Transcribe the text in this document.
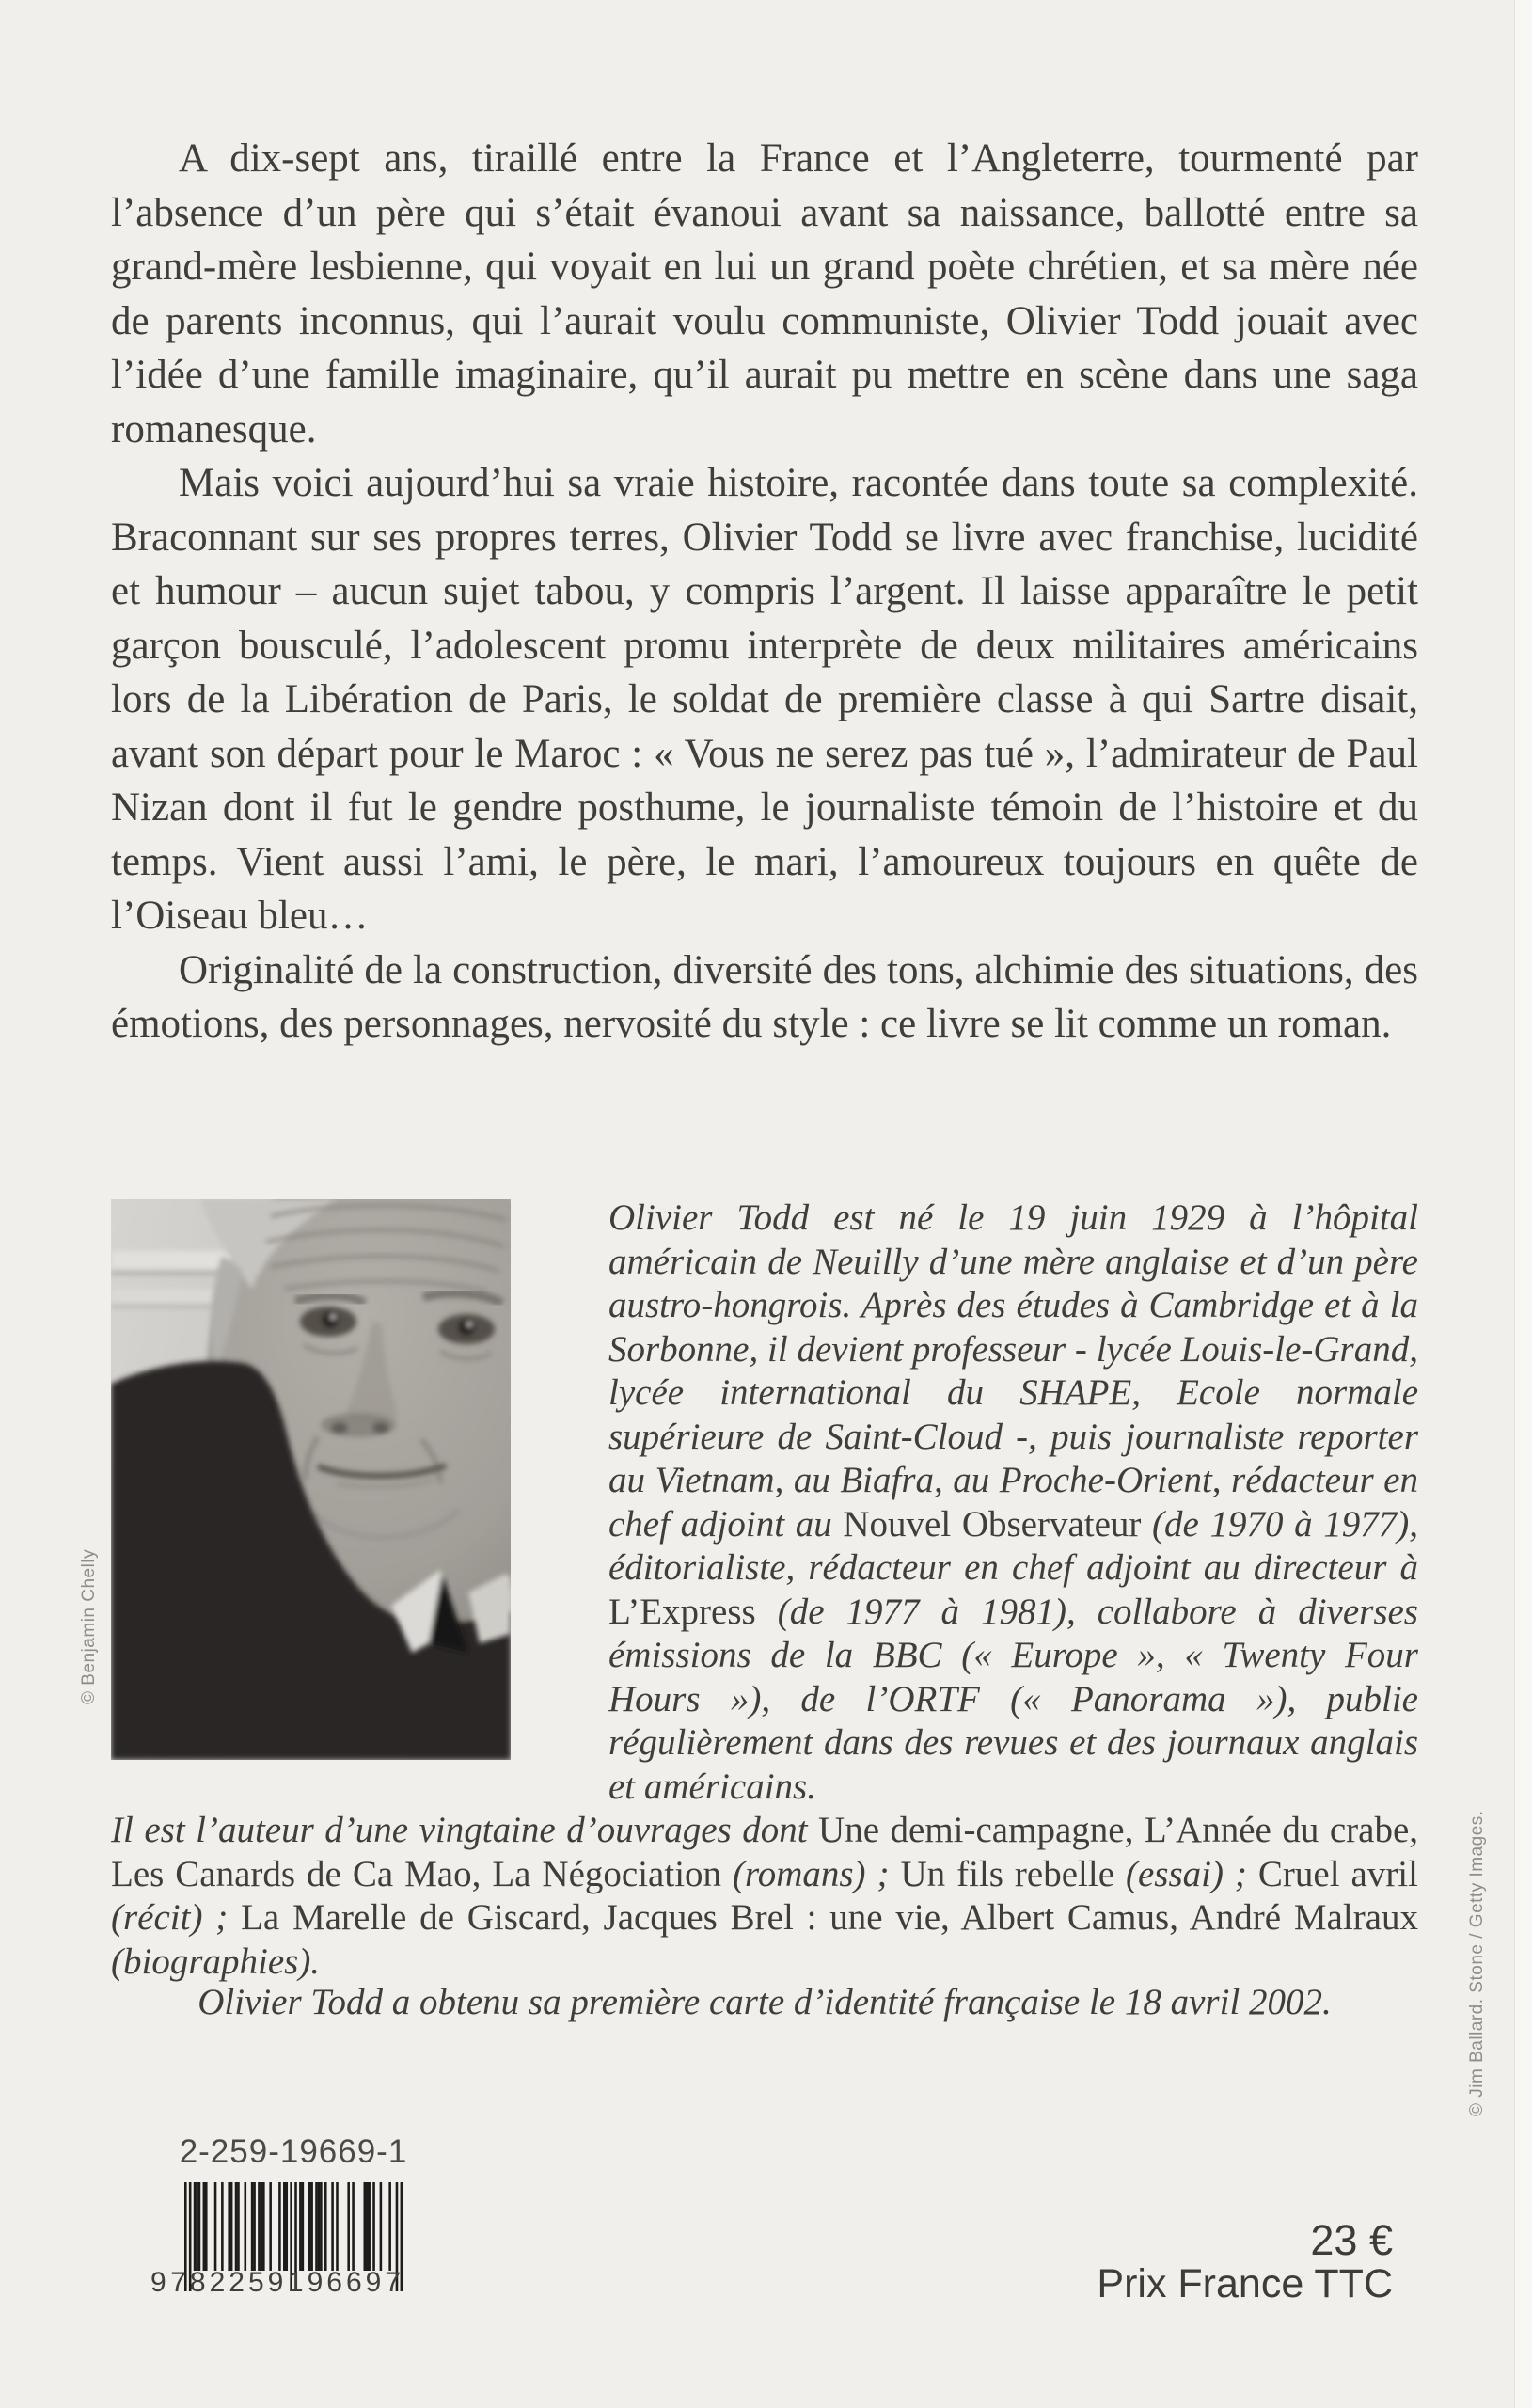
A dix-sept ans, tiraillé entre la France et l’Angleterre, tourmenté par l’absence d’un père qui s’était évanoui avant sa naissance, ballotté entre sa grand-mère lesbienne, qui voyait en lui un grand poète chrétien, et sa mère née de parents inconnus, qui l’aurait voulu communiste, Olivier Todd jouait avec l’idée d’une famille imaginaire, qu’il aurait pu mettre en scène dans une saga romanesque.

Mais voici aujourd’hui sa vraie histoire, racontée dans toute sa complexité. Braconnant sur ses propres terres, Olivier Todd se livre avec franchise, lucidité et humour – aucun sujet tabou, y compris l’argent. Il laisse apparaître le petit garçon bousculé, l’adolescent promu interprète de deux militaires américains lors de la Libération de Paris, le soldat de première classe à qui Sartre disait, avant son départ pour le Maroc : « Vous ne serez pas tué », l’admirateur de Paul Nizan dont il fut le gendre posthume, le journaliste témoin de l’histoire et du temps. Vient aussi l’ami, le père, le mari, l’amoureux toujours en quête de l’Oiseau bleu…

Originalité de la construction, diversité des tons, alchimie des situations, des émotions, des personnages, nervosité du style : ce livre se lit comme un roman.

Olivier Todd est né le 19 juin 1929 à l’hôpital américain de Neuilly d’une mère anglaise et d’un père austro-hongrois. Après des études à Cambridge et à la Sorbonne, il devient professeur - lycée Louis-le-Grand, lycée international du SHAPE, Ecole normale supérieure de Saint-Cloud -, puis journaliste reporter au Vietnam, au Biafra, au Proche-Orient, rédacteur en chef adjoint au Nouvel Observateur (de 1970 à 1977), éditorialiste, rédacteur en chef adjoint au directeur à L’Express (de 1977 à 1981), collabore à diverses émissions de la BBC (« Europe », « Twenty Four Hours »), de l’ORTF (« Panorama »), publie régulièrement dans des revues et des journaux anglais et américains.

Il est l’auteur d’une vingtaine d’ouvrages dont Une demi-campagne, L’Année du crabe, Les Canards de Ca Mao, La Négociation (romans) ; Un fils rebelle (essai) ; Cruel avril (récit) ; La Marelle de Giscard, Jacques Brel : une vie, Albert Camus, André Malraux (biographies).

© Benjamin Chelly
Olivier Todd a obtenu sa première carte d’identité française le 18 avril 2002.
2-259-19669-1
9 782259 196697
23 €
Prix France TTC
© Jim Ballard. Stone / Getty Images.
